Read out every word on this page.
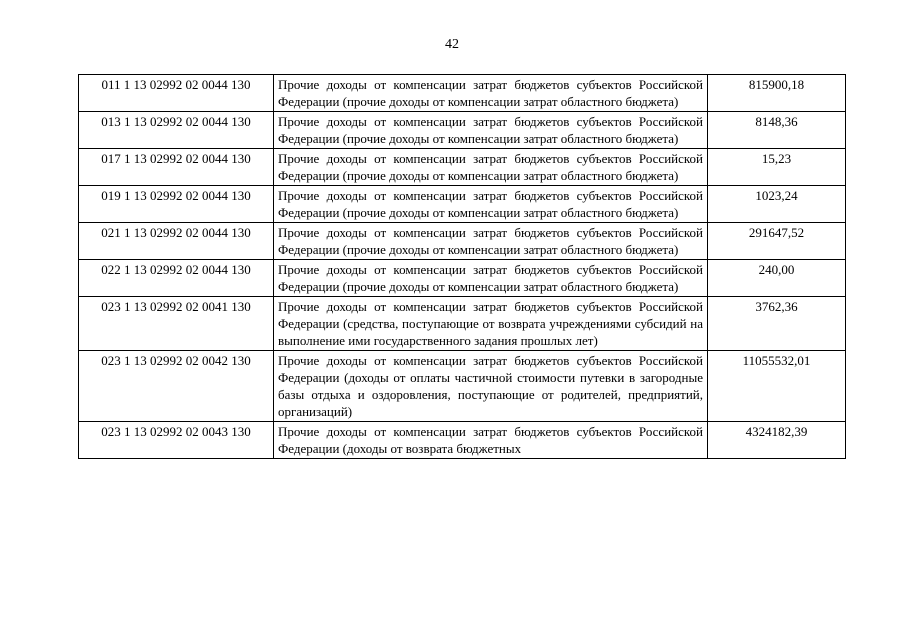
42
011 1 13 02992 02 0044 130	Прочие доходы от компенсации затрат бюджетов субъектов Российской Федерации (прочие доходы от компенсации затрат областного бюджета)	815900,18
013 1 13 02992 02 0044 130	Прочие доходы от компенсации затрат бюджетов субъектов Российской Федерации (прочие доходы от компенсации затрат областного бюджета)	8148,36
017 1 13 02992 02 0044 130	Прочие доходы от компенсации затрат бюджетов субъектов Российской Федерации (прочие доходы от компенсации затрат областного бюджета)	15,23
019 1 13 02992 02 0044 130	Прочие доходы от компенсации затрат бюджетов субъектов Российской Федерации (прочие доходы от компенсации затрат областного бюджета)	1023,24
021 1 13 02992 02 0044 130	Прочие доходы от компенсации затрат бюджетов субъектов Российской Федерации (прочие доходы от компенсации затрат областного бюджета)	291647,52
022 1 13 02992 02 0044 130	Прочие доходы от компенсации затрат бюджетов субъектов Российской Федерации (прочие доходы от компенсации затрат областного бюджета)	240,00
023 1 13 02992 02 0041 130	Прочие доходы от компенсации затрат бюджетов субъектов Российской Федерации (средства, поступающие от возврата учреждениями субсидий на выполнение ими государственного задания прошлых лет)	3762,36
023 1 13 02992 02 0042 130	Прочие доходы от компенсации затрат бюджетов субъектов Российской Федерации (доходы от оплаты частичной стоимости путевки в загородные базы отдыха и оздоровления, поступающие от родителей, предприятий, организаций)	11055532,01
023 1 13 02992 02 0043 130	Прочие доходы от компенсации затрат бюджетов субъектов Российской Федерации (доходы от возврата бюджетных	4324182,39
